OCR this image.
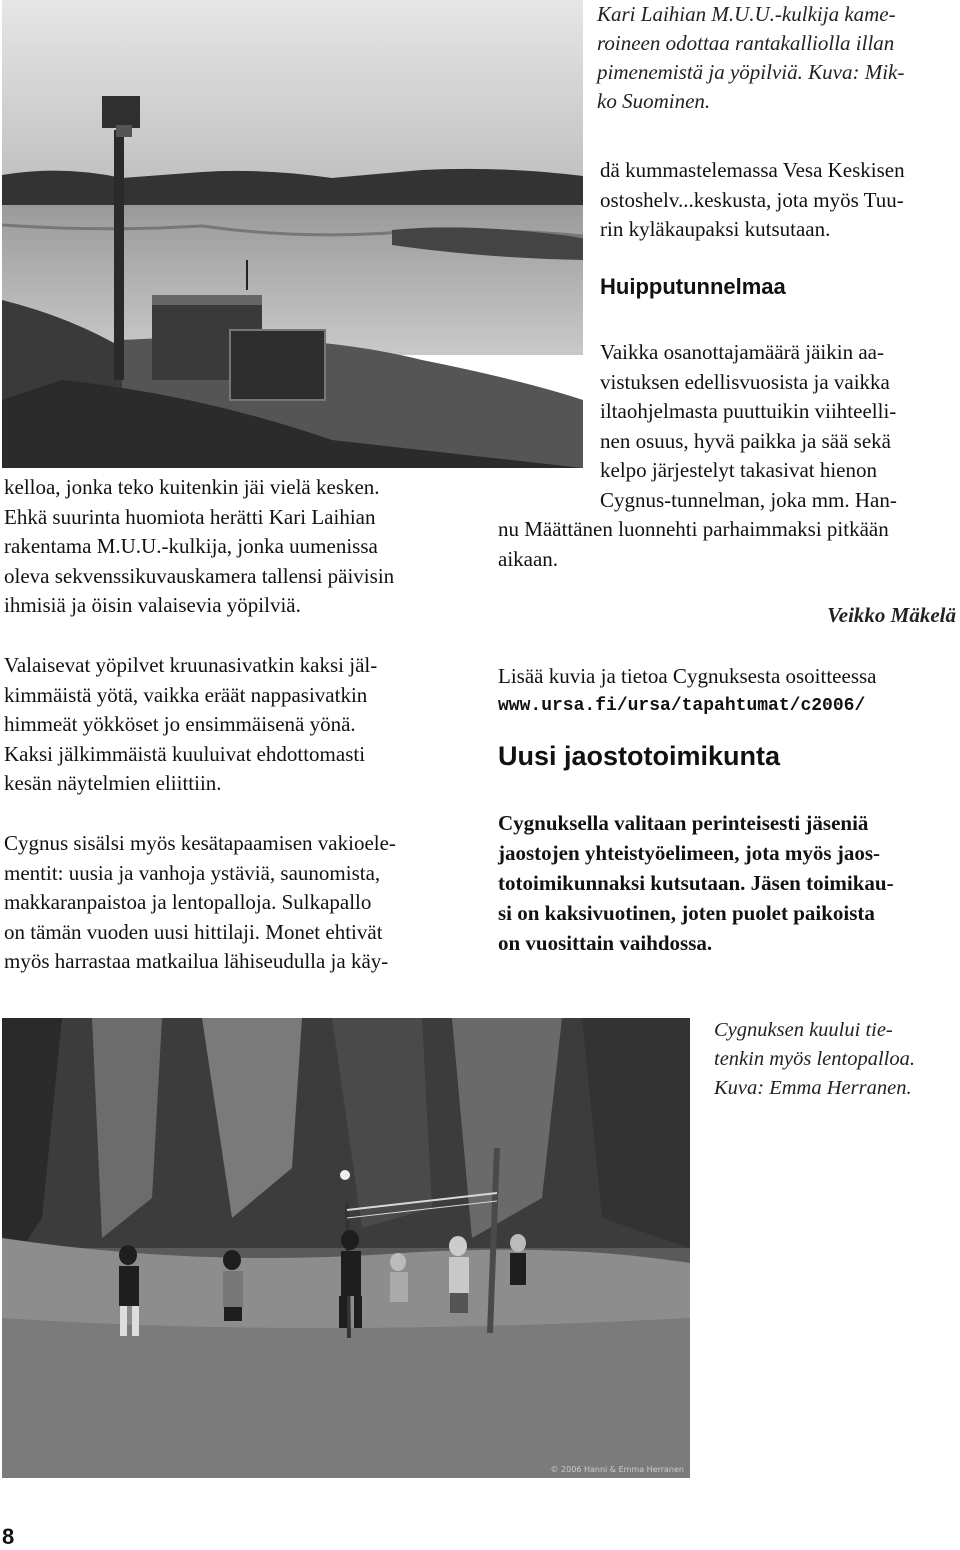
Kari Laihian M.U.U.-kulkija kame-
roineen odottaa rantakalliolla illan
pimenemistä ja yöpilviä. Kuva: Mik-
ko Suominen.
dä kummastelemassa Vesa Keskisen
ostoshelv...keskusta, jota myös Tuu-
rin kyläkaupaksi kutsutaan.
Huipputunnelmaa
Vaikka osanottajamäärä jäikin aa-
vistuksen edellisvuosista ja vaikka
iltaohjelmasta puuttuikin viihteelli-
nen osuus, hyvä paikka ja sää sekä
kelpo järjestelyt takasivat hienon
Cygnus-tunnelman, joka mm. Han-
nu Määttänen luonnehti parhaimmaksi pitkään
aikaan.
Veikko Mäkelä
Lisää kuvia ja tietoa Cygnuksesta osoitteessa
www.ursa.fi/ursa/tapahtumat/c2006/
Uusi jaostotoimikunta
Cygnuksella valitaan perinteisesti jäseniä
jaostojen yhteistyöelimeen, jota myös jaos-
totoimikunnaksi kutsutaan. Jäsen toimikau-
si on kaksivuotinen, joten puolet paikoista
on vuosittain vaihdossa.
kelloa, jonka teko kuitenkin jäi vielä kesken.
Ehkä suurinta huomiota herätti Kari Laihian
rakentama M.U.U.-kulkija, jonka uumenissa
oleva sekvenssikuvauskamera tallensi päivisin
ihmisiä ja öisin valaisevia yöpilviä.
Valaisevat yöpilvet kruunasivatkin kaksi jäl-
kimmäistä yötä, vaikka eräät nappasivatkin
himmeät yökköset jo ensimmäisenä yönä.
Kaksi jälkimmäistä kuuluivat ehdottomasti
kesän näytelmien eliittiin.
Cygnus sisälsi myös kesätapaamisen vakioele-
mentit: uusia ja vanhoja ystäviä, saunomista,
makkaranpaistoa ja lentopalloja. Sulkapallo
on tämän vuoden uusi hittilaji. Monet ehtivät
myös harrastaa matkailua lähiseudulla ja käy-
© 2006 Hanni & Emma Herranen
Cygnuksen kuului tie-
tenkin myös lentopalloa.
Kuva: Emma Herranen.
8
